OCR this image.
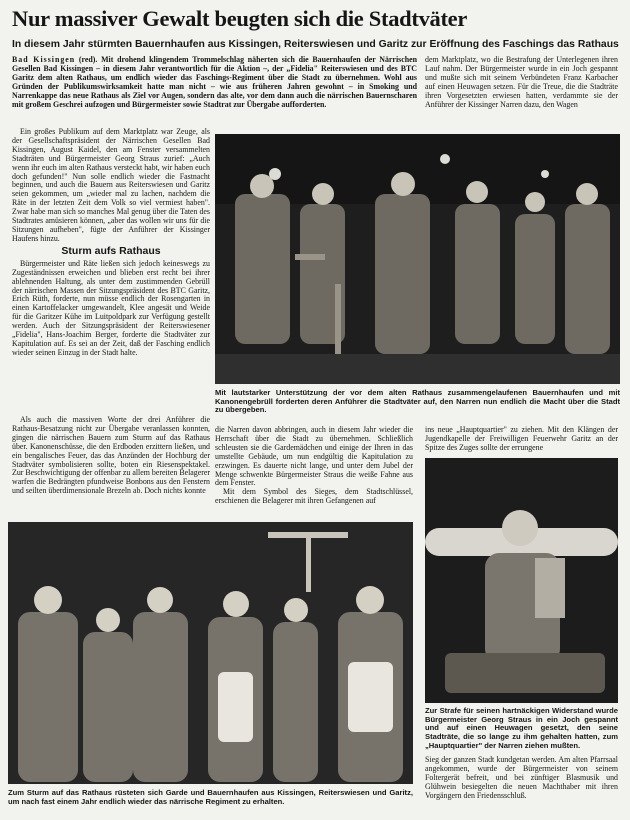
Nur massiver Gewalt beugten sich die Stadtväter
In diesem Jahr stürmten Bauernhaufen aus Kissingen, Reiterswiesen und Garitz zur Eröffnung des Faschings das Rathaus
Bad Kissingen (red). Mit drohend klingendem Trommelschlag näherten sich die Bauernhaufen der Närrischen Gesellen Bad Kissingen – in diesem Jahr verantwortlich für die Aktion –, der „Fidelia" Reiterswiesen und des BTC Garitz dem alten Rathaus, um endlich wieder das Faschings-Regiment über die Stadt zu übernehmen. Wohl aus Gründen der Publikumswirksamkeit hatte man nicht – wie aus früheren Jahren gewohnt – in Smoking und Narrenkappe das neue Rathaus als Ziel vor Augen, sondern das alte, vor dem dann auch die närrischen Bauernscharen mit großem Geschrei aufzogen und Bürgermeister sowie Stadtrat zur Übergabe aufforderten.

Ein großes Publikum auf dem Marktplatz war Zeuge, als der Gesellschaftspräsident der Närrischen Gesellen Bad Kissingen, August Kaidel, den am Fenster versammelten Stadträten und Bürgermeister Georg Straus zurief: „Auch wenn ihr euch im alten Rathaus versteckt habt, wir haben euch doch gefunden!" Nun solle endlich wieder die Fastnacht beginnen, und auch die Bauern aus Reiterswiesen und Garitz seien gekommen, um „wieder mal zu lachen, nachdem die Räte in der letzten Zeit dem Volk so viel vermiest haben". Zwar habe man sich so manches Mal genug über die Taten des Stadtrates amüsieren können, „aber das wollen wir uns für die Sitzungen aufheben", fügte der Anführer der Kissinger Haufens hinzu.

Sturm aufs Rathaus

Bürgermeister und Räte ließen sich jedoch keineswegs zu Zugeständnissen erweichen und blieben erst recht bei ihrer ablehnenden Haltung, als unter dem zustimmenden Gebrüll der närrischen Massen der Sitzungspräsident des BTC Garitz, Erich Rüth, forderte, nun müsse endlich der Rosengarten in einen Kartoffelacker umgewandelt, Klee angesät und Weide für die Garitzer Kühe im Luitpoldpark zur Verfügung gestellt werden. Auch der Sitzungspräsident der Reiterswiesener „Fidelia", Hans-Joachim Berger, forderte die Stadtväter zur Kapitulation auf. Es sei an der Zeit, daß der Fasching endlich wieder seinen Einzug in der Stadt halte.

Als auch die massiven Worte der drei Anführer die Rathaus-Besatzung nicht zur Übergabe veranlassen konnten, gingen die närrischen Bauern zum Sturm auf das Rathaus über. Kanonenschüsse, die den Erdboden erzittern ließen, und ein bengalisches Feuer, das das Anzünden der Hochburg der Stadtväter symbolisieren sollte, boten ein Riesenspektakel. Zur Beschwichtigung der offenbar zu allem bereiten Belagerer warfen die Bedrängten pfundweise Bonbons aus den Fenstern und seilten überdimensionale Brezeln ab. Doch nichts konnte

dem Marktplatz, wo die Bestrafung der Unterlegenen ihren Lauf nahm. Der Bürgermeister wurde in ein Joch gespannt und mußte sich mit seinem Verbündeten Franz Karbacher auf einen Heuwagen setzen. Für die Treue, die die Stadträte ihren Vorgesetzten erwiesen hatten, verdammte sie der Anführer der Kissinger Narren dazu, den Wagen

Mit lautstarker Unterstützung der vor dem alten Rathaus zusammengelaufenen Bauernhaufen und mit Kanonengebrüll forderten deren Anführer die Stadtväter auf, den Narren nun endlich die Macht über die Stadt zu übergeben.

die Narren davon abbringen, auch in diesem Jahr wieder die Herrschaft über die Stadt zu übernehmen. Schließlich schleusten sie die Gardemädchen und einige der Ihren in das umstellte Gebäude, um nun endgültig die Kapitulation zu erzwingen. Es dauerte nicht lange, und unter dem Jubel der Menge schwenkte Bürgermeister Straus die weiße Fahne aus dem Fenster.

Mit dem Symbol des Sieges, dem Stadtschlüssel, erschienen die Belagerer mit ihren Gefangenen auf

ins neue „Hauptquartier" zu ziehen. Mit den Klängen der Jugendkapelle der Freiwilligen Feuerwehr Garitz an der Spitze des Zuges sollte der errungene

Zum Sturm auf das Rathaus rüsteten sich Garde und Bauernhaufen aus Kissingen, Reiterswiesen und Garitz, um nach fast einem Jahr endlich wieder das närrische Regiment zu erhalten.
Zur Strafe für seinen hartnäckigen Widerstand wurde Bürgermeister Georg Straus in ein Joch gespannt und auf einen Heuwagen gesetzt, den seine Stadträte, die so lange zu ihm gehalten hatten, zum „Hauptquartier" der Narren ziehen mußten.

Sieg der ganzen Stadt kundgetan werden. Am alten Pfarrsaal angekommen, wurde der Bürgermeister von seinem Foltergerät befreit, und bei zünftiger Blasmusik und Glühwein besiegelten die neuen Machthaber mit ihren Vorgängern den Friedensschluß.
